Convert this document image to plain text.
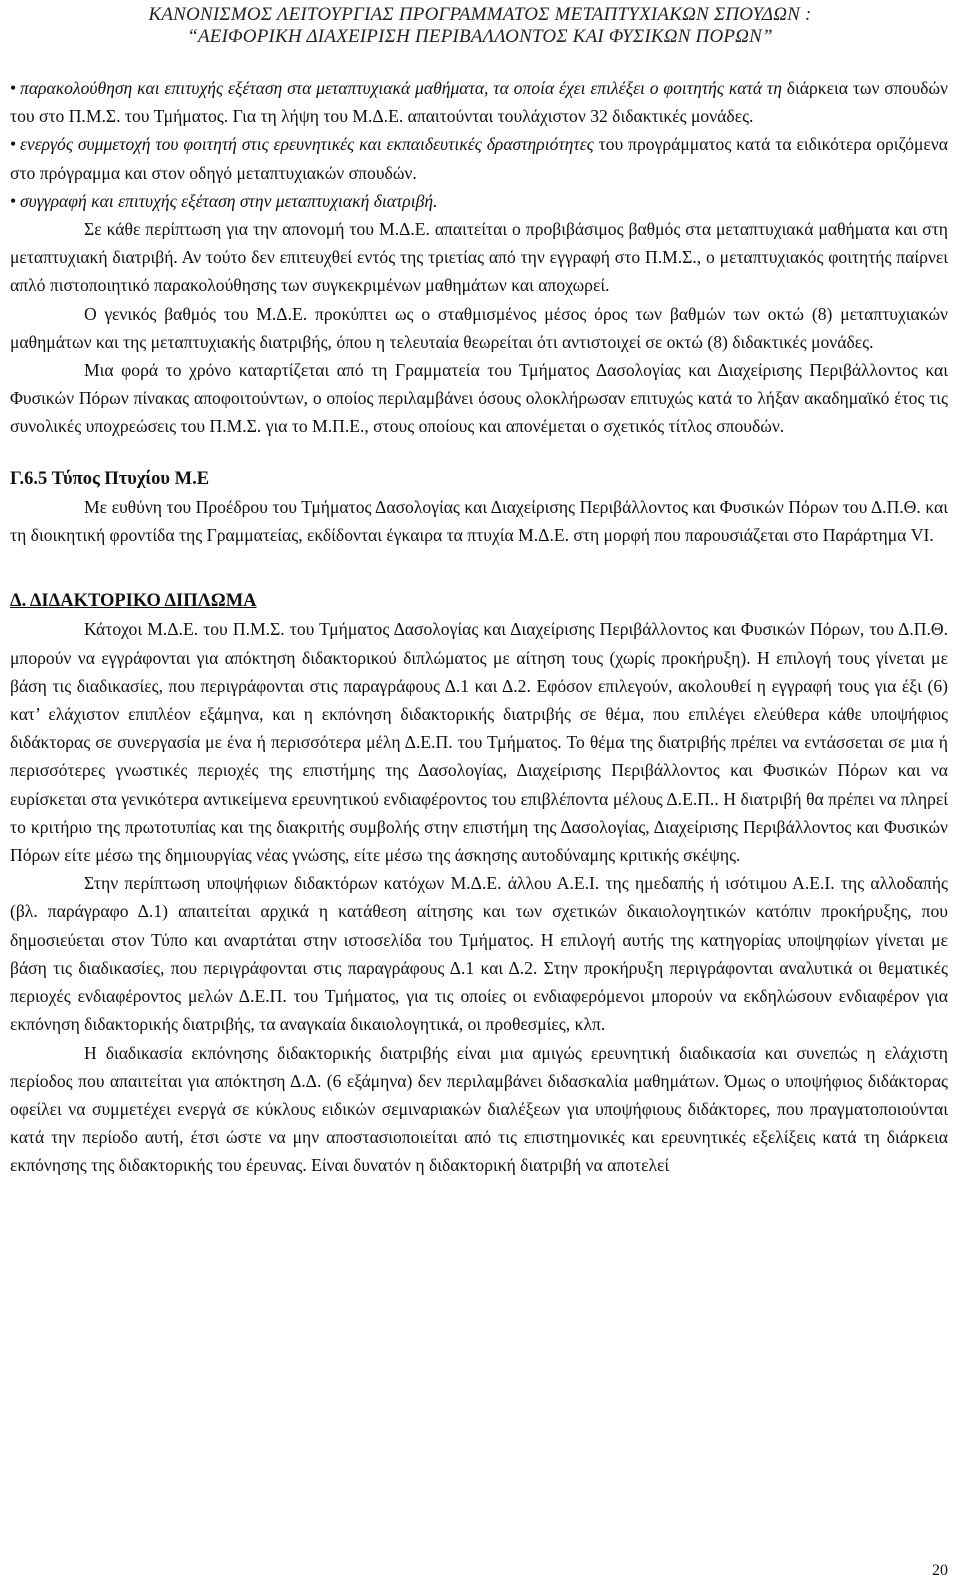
ΚΑΝΟΝΙΣΜΟΣ ΛΕΙΤΟΥΡΓΙΑΣ ΠΡΟΓΡΑΜΜΑΤΟΣ ΜΕΤΑΠΤΥΧΙΑΚΩΝ ΣΠΟΥΔΩΝ :
“ΑΕΙΦΟΡΙΚΗ ΔΙΑΧΕΙΡΙΣΗ ΠΕΡΙΒΑΛΛΟΝΤΟΣ ΚΑΙ ΦΥΣΙΚΩΝ ΠΟΡΩΝ”

• παρακολούθηση και επιτυχής εξέταση στα μεταπτυχιακά μαθήματα, τα οποία έχει επιλέξει ο φοιτητής κατά τη διάρκεια των σπουδών του στο Π.Μ.Σ. του Τμήματος. Για τη λήψη του Μ.Δ.Ε. απαιτούνται τουλάχιστον 32 διδακτικές μονάδες.

• ενεργός συμμετοχή του φοιτητή στις ερευνητικές και εκπαιδευτικές δραστηριότητες του προγράμματος κατά τα ειδικότερα οριζόμενα στο πρόγραμμα και στον οδηγό μεταπτυχιακών σπουδών.

• συγγραφή και επιτυχής εξέταση στην μεταπτυχιακή διατριβή.

Σε κάθε περίπτωση για την απονομή του Μ.Δ.Ε. απαιτείται ο προβιβάσιμος βαθμός στα μεταπτυχιακά μαθήματα και στη μεταπτυχιακή διατριβή. Αν τούτο δεν επιτευχθεί εντός της τριετίας από την εγγραφή στο Π.Μ.Σ., ο μεταπτυχιακός φοιτητής παίρνει απλό πιστοποιητικό παρακολούθησης των συγκεκριμένων μαθημάτων και αποχωρεί.

Ο γενικός βαθμός του Μ.Δ.Ε. προκύπτει ως ο σταθμισμένος μέσος όρος των βαθμών των οκτώ (8) μεταπτυχιακών μαθημάτων και της μεταπτυχιακής διατριβής, όπου η τελευταία θεωρείται ότι αντιστοιχεί σε οκτώ (8) διδακτικές μονάδες.

Μια φορά το χρόνο καταρτίζεται από τη Γραμματεία του Τμήματος Δασολογίας και Διαχείρισης Περιβάλλοντος και Φυσικών Πόρων πίνακας αποφοιτούντων, ο οποίος περιλαμβάνει όσους ολοκλήρωσαν επιτυχώς κατά το λήξαν ακαδημαϊκό έτος τις συνολικές υποχρεώσεις του Π.Μ.Σ. για το Μ.Π.Ε., στους οποίους και απονέμεται ο σχετικός τίτλος σπουδών.

Γ.6.5 Τύπος Πτυχίου Μ.Ε

Με ευθύνη του Προέδρου του Τμήματος Δασολογίας και Διαχείρισης Περιβάλλοντος και Φυσικών Πόρων του Δ.Π.Θ. και τη διοικητική φροντίδα της Γραμματείας, εκδίδονται έγκαιρα τα πτυχία Μ.Δ.Ε. στη μορφή που παρουσιάζεται στο Παράρτημα VI.

Δ. ΔΙΔΑΚΤΟΡΙΚΟ ΔΙΠΛΩΜΑ

Κάτοχοι Μ.Δ.Ε. του Π.Μ.Σ. του Τμήματος Δασολογίας και Διαχείρισης Περιβάλλοντος και Φυσικών Πόρων, του Δ.Π.Θ. μπορούν να εγγράφονται για απόκτηση διδακτορικού διπλώματος με αίτηση τους (χωρίς προκήρυξη). Η επιλογή τους γίνεται με βάση τις διαδικασίες, που περιγράφονται στις παραγράφους Δ.1 και Δ.2. Εφόσον επιλεγούν, ακολουθεί η εγγραφή τους για έξι (6) κατ’ ελάχιστον επιπλέον εξάμηνα, και η εκπόνηση διδακτορικής διατριβής σε θέμα, που επιλέγει ελεύθερα κάθε υποψήφιος διδάκτορας σε συνεργασία με ένα ή περισσότερα μέλη Δ.Ε.Π. του Τμήματος. Το θέμα της διατριβής πρέπει να εντάσσεται σε μια ή περισσότερες γνωστικές περιοχές της επιστήμης της Δασολογίας, Διαχείρισης Περιβάλλοντος και Φυσικών Πόρων και να ευρίσκεται στα γενικότερα αντικείμενα ερευνητικού ενδιαφέροντος του επιβλέποντα μέλους Δ.Ε.Π.. Η διατριβή θα πρέπει να πληρεί το κριτήριο της πρωτοτυπίας και της διακριτής συμβολής στην επιστήμη της Δασολογίας, Διαχείρισης Περιβάλλοντος και Φυσικών Πόρων είτε μέσω της δημιουργίας νέας γνώσης, είτε μέσω της άσκησης αυτοδύναμης κριτικής σκέψης.

Στην περίπτωση υποψήφιων διδακτόρων κατόχων Μ.Δ.Ε. άλλου Α.Ε.Ι. της ημεδαπής ή ισότιμου Α.Ε.Ι. της αλλοδαπής (βλ. παράγραφο Δ.1) απαιτείται αρχικά η κατάθεση αίτησης και των σχετικών δικαιολογητικών κατόπιν προκήρυξης, που δημοσιεύεται στον Τύπο και αναρτάται στην ιστοσελίδα του Τμήματος. Η επιλογή αυτής της κατηγορίας υποψηφίων γίνεται με βάση τις διαδικασίες, που περιγράφονται στις παραγράφους Δ.1 και Δ.2. Στην προκήρυξη περιγράφονται αναλυτικά οι θεματικές περιοχές ενδιαφέροντος μελών Δ.Ε.Π. του Τμήματος, για τις οποίες οι ενδιαφερόμενοι μπορούν να εκδηλώσουν ενδιαφέρον για εκπόνηση διδακτορικής διατριβής, τα αναγκαία δικαιολογητικά, οι προθεσμίες, κλπ.

Η διαδικασία εκπόνησης διδακτορικής διατριβής είναι μια αμιγώς ερευνητική διαδικασία και συνεπώς η ελάχιστη περίοδος που απαιτείται για απόκτηση Δ.Δ. (6 εξάμηνα) δεν περιλαμβάνει διδασκαλία μαθημάτων. Όμως ο υποψήφιος διδάκτορας οφείλει να συμμετέχει ενεργά σε κύκλους ειδικών σεμιναριακών διαλέξεων για υποψήφιους διδάκτορες, που πραγματοποιούνται κατά την περίοδο αυτή, έτσι ώστε να μην αποστασιοποιείται από τις επιστημονικές και ερευνητικές εξελίξεις κατά τη διάρκεια εκπόνησης της διδακτορικής του έρευνας. Είναι δυνατόν η διδακτορική διατριβή να αποτελεί

20
